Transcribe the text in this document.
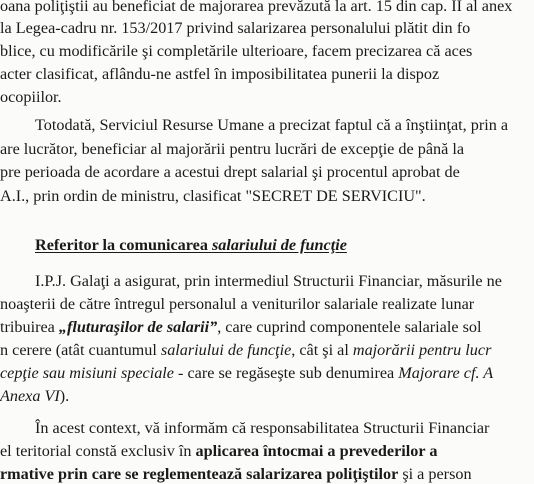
oana poliţiştii au beneficiat de majorarea prevăzută la art. 15 din cap. II al anex
la Legea-cadru nr. 153/2017 privind salarizarea personalului plătit din fo
blice, cu modificările şi completările ulterioare, facem precizarea că aces
acter clasificat, aflându-ne astfel în imposibilitatea punerii la dispoz
ocopiilor.
Totodată, Serviciul Resurse Umane a precizat faptul că a înştiinţat, prin a
are lucrător, beneficiar al majorării pentru lucrări de excepţie de până la
pre perioada de acordare a acestui drept salarial şi procentul aprobat de
A.I., prin ordin de ministru, clasificat "SECRET DE SERVICIU".
Referitor la comunicarea salariului de funcţie
I.P.J. Galaţi a asigurat, prin intermediul Structurii Financiar, măsurile ne
noaşterii de către întregul personalul a veniturilor salariale realizate lunar
tribuirea „fluturaşilor de salarii”, care cuprind componentele salariale sol
n cerere (atât cuantumul salariului de funcţie, cât şi al majorării pentru lucr
cepţie sau misiuni speciale - care se regăseşte sub denumirea Majorare cf. A
Anexa VI).
În acest context, vă informăm că responsabilitatea Structurii Financiar
el teritorial constă exclusiv în aplicarea întocmai a prevederilor a
rmative prin care se reglementează salarizarea poliţiştilor şi a person
